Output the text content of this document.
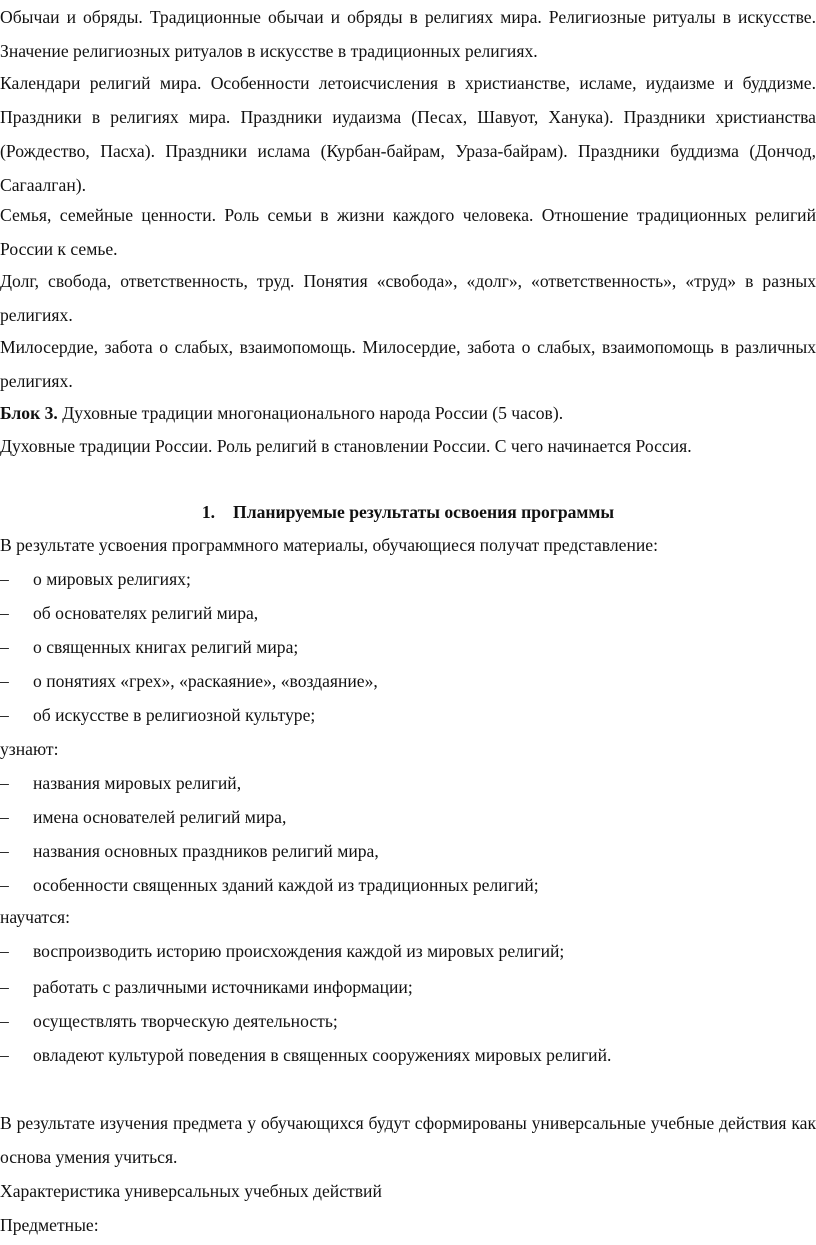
Обычаи и обряды. Традиционные обычаи и обряды в религиях мира. Религиозные ритуалы в искусстве. Значение религиозных ритуалов в искусстве в традиционных религиях.

Календари религий мира. Особенности летоисчисления в христианстве, исламе, иудаизме и буддизме. Праздники в религиях мира. Праздники иудаизма (Песах, Шавуот, Ханука). Праздники христианства (Рождество, Пасха). Праздники ислама (Курбан-байрам, Ураза-байрам). Праздники буддизма (Дончод, Сагаалган).

Семья, семейные ценности. Роль семьи в жизни каждого человека. Отношение традиционных религий России к семье.

Долг, свобода, ответственность, труд. Понятия «свобода», «долг», «ответственность», «труд» в разных религиях.

Милосердие, забота о слабых, взаимопомощь. Милосердие, забота о слабых, взаимопомощь в различных религиях.

Блок 3. Духовные традиции многонационального народа России (5 часов).

Духовные традиции России. Роль религий в становлении России. С чего начинается Россия.

1. Планируемые результаты освоения программы

В результате усвоения программного материалы, обучающиеся получат представление:

– о мировых религиях;
– об основателях религий мира,
– о священных книгах религий мира;
– о понятиях «грех», «раскаяние», «воздаяние»,
– об искусстве в религиозной культуре;

узнают:

– названия мировых религий,
– имена основателей религий мира,
– названия основных праздников религий мира,
– особенности священных зданий каждой из традиционных религий;

научатся:

– воспроизводить историю происхождения каждой из мировых религий;
– работать с различными источниками информации;
– осуществлять творческую деятельность;
– овладеют культурой поведения в священных сооружениях мировых религий.

В результате изучения предмета у обучающихся будут сформированы универсальные учебные действия как основа умения учиться.

Характеристика универсальных учебных действий

Предметные:
